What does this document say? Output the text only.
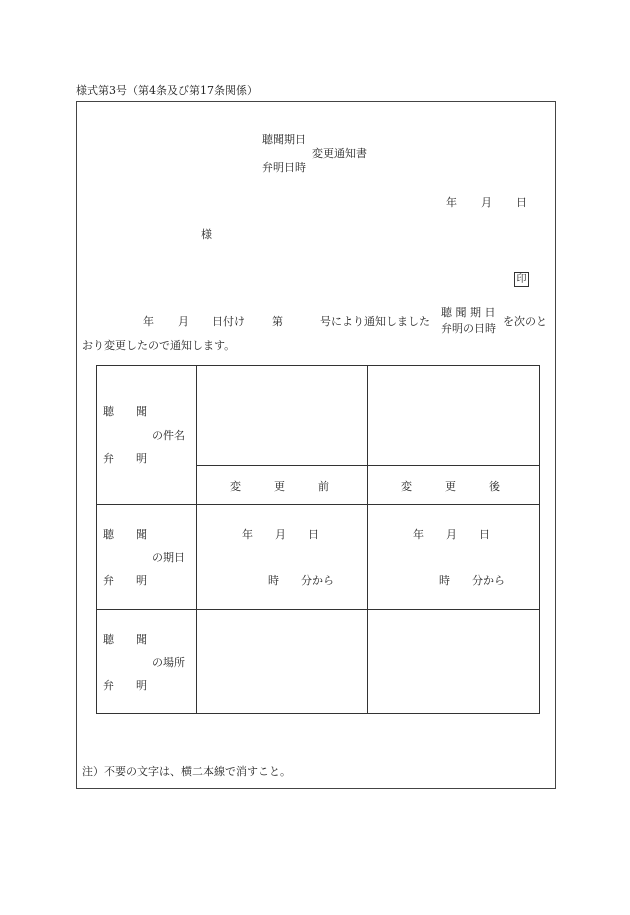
様式第3号（第4条及び第17条関係）
聴聞期日
変更通知書
弁明日時
年 月 日
様
印
年 月 日付け 第	号により通知しました
聴 聞 期 日
弁明の日時
を次のと
おり変更したので通知します。
聴　　聞
の件名
弁　　明
変　　　更　　　前	変　　　更　　　後
聴　　聞
の期日
弁　　明
年　　月　　日
時　　分から
年　　月　　日
時　　分から
聴　　聞
の場所
弁　　明
注）不要の文字は、横二本線で消すこと。
